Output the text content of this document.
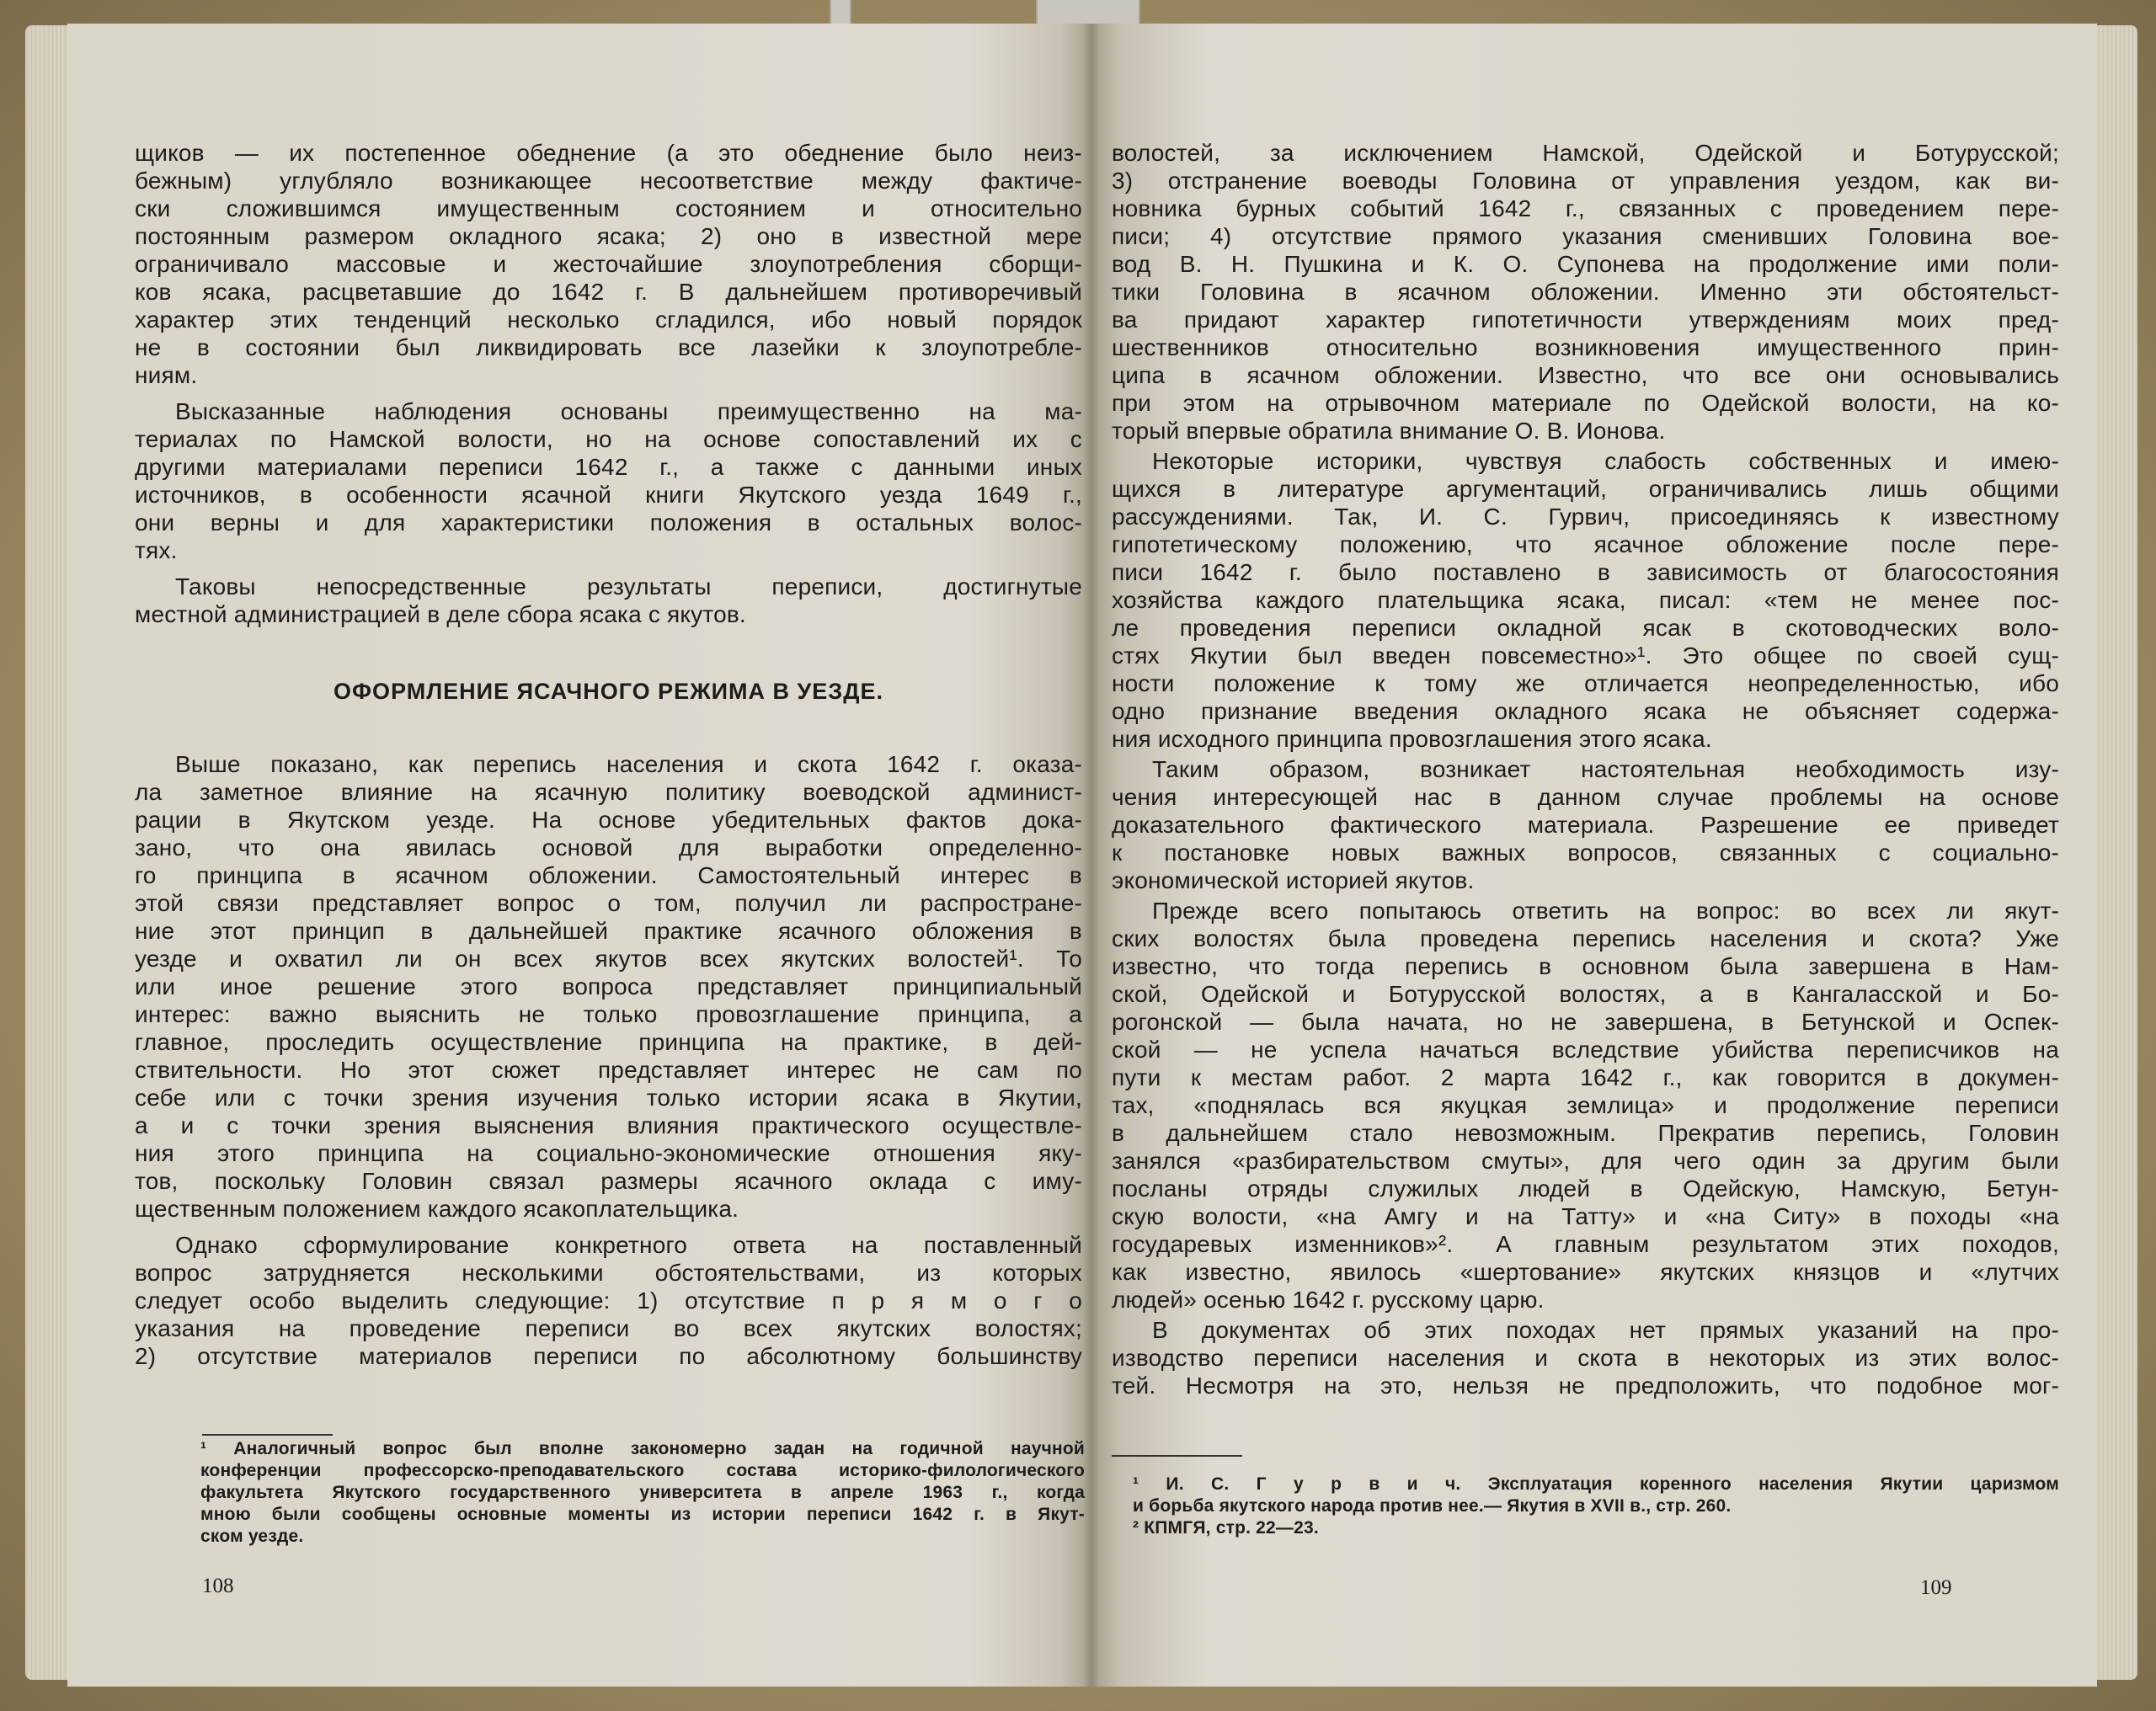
щиков — их постепенное обеднение (а это обеднение было неиз-
бежным) углубляло возникающее несоответствие между фактиче-
ски сложившимся имущественным состоянием и относительно
постоянным размером окладного ясака; 2) оно в известной мере
ограничивало массовые и жесточайшие злоупотребления сборщи-
ков ясака, расцветавшие до 1642 г. В дальнейшем противоречивый
характер этих тенденций несколько сгладился, ибо новый порядок
не в состоянии был ликвидировать все лазейки к злоупотребле-
ниям.
Высказанные наблюдения основаны преимущественно на ма-
териалах по Намской волости, но на основе сопоставлений их с
другими материалами переписи 1642 г., а также с данными иных
источников, в особенности ясачной книги Якутского уезда 1649 г.,
они верны и для характеристики положения в остальных волос-
тях.
Таковы непосредственные результаты переписи, достигнутые
местной администрацией в деле сбора ясака с якутов.
ОФОРМЛЕНИЕ ЯСАЧНОГО РЕЖИМА В УЕЗДЕ.
Выше показано, как перепись населения и скота 1642 г. оказа-
ла заметное влияние на ясачную политику воеводской админист-
рации в Якутском уезде. На основе убедительных фактов дока-
зано, что она явилась основой для выработки определенно-
го принципа в ясачном обложении. Самостоятельный интерес в
этой связи представляет вопрос о том, получил ли распростране-
ние этот принцип в дальнейшей практике ясачного обложения в
уезде и охватил ли он всех якутов всех якутских волостей¹. То
или иное решение этого вопроса представляет принципиальный
интерес: важно выяснить не только провозглашение принципа, а
главное, проследить осуществление принципа на практике, в дей-
ствительности. Но этот сюжет представляет интерес не сам по
себе или с точки зрения изучения только истории ясака в Якутии,
а и с точки зрения выяснения влияния практического осуществле-
ния этого принципа на социально-экономические отношения яку-
тов, поскольку Головин связал размеры ясачного оклада с иму-
щественным положением каждого ясакоплательщика.
Однако сформулирование конкретного ответа на поставленный
вопрос затрудняется несколькими обстоятельствами, из которых
следует особо выделить следующие: 1) отсутствие п р я м о г о
указания на проведение переписи во всех якутских волостях;
2) отсутствие материалов переписи по абсолютному большинству
¹ Аналогичный вопрос был вполне закономерно задан на годичной научной
конференции профессорско-преподавательского состава историко-филологического
факультета Якутского государственного университета в апреле 1963 г., когда
мною были сообщены основные моменты из истории переписи 1642 г. в Якут-
ском уезде.
108
волостей, за исключением Намской, Одейской и Ботурусской;
3) отстранение воеводы Головина от управления уездом, как ви-
новника бурных событий 1642 г., связанных с проведением пере-
писи; 4) отсутствие прямого указания сменивших Головина вое-
вод В. Н. Пушкина и К. О. Супонева на продолжение ими поли-
тики Головина в ясачном обложении. Именно эти обстоятельст-
ва придают характер гипотетичности утверждениям моих пред-
шественников относительно возникновения имущественного прин-
ципа в ясачном обложении. Известно, что все они основывались
при этом на отрывочном материале по Одейской волости, на ко-
торый впервые обратила внимание О. В. Ионова.
Некоторые историки, чувствуя слабость собственных и имею-
щихся в литературе аргументаций, ограничивались лишь общими
рассуждениями. Так, И. С. Гурвич, присоединяясь к известному
гипотетическому положению, что ясачное обложение после пере-
писи 1642 г. было поставлено в зависимость от благосостояния
хозяйства каждого плательщика ясака, писал: «тем не менее пос-
ле проведения переписи окладной ясак в скотоводческих воло-
стях Якутии был введен повсеместно»¹. Это общее по своей сущ-
ности положение к тому же отличается неопределенностью, ибо
одно признание введения окладного ясака не объясняет содержа-
ния исходного принципа провозглашения этого ясака.
Таким образом, возникает настоятельная необходимость изу-
чения интересующей нас в данном случае проблемы на основе
доказательного фактического материала. Разрешение ее приведет
к постановке новых важных вопросов, связанных с социально-
экономической историей якутов.
Прежде всего попытаюсь ответить на вопрос: во всех ли якут-
ских волостях была проведена перепись населения и скота? Уже
известно, что тогда перепись в основном была завершена в Нам-
ской, Одейской и Ботурусской волостях, а в Кангаласской и Бо-
рогонской — была начата, но не завершена, в Бетунской и Оспек-
ской — не успела начаться вследствие убийства переписчиков на
пути к местам работ. 2 марта 1642 г., как говорится в докумен-
тах, «поднялась вся якуцкая землица» и продолжение переписи
в дальнейшем стало невозможным. Прекратив перепись, Головин
занялся «разбирательством смуты», для чего один за другим были
посланы отряды служилых людей в Одейскую, Намскую, Бетун-
скую волости, «на Амгу и на Татту» и «на Ситу» в походы «на
государевых изменников»². А главным результатом этих походов,
как известно, явилось «шертование» якутских князцов и «лутчих
людей» осенью 1642 г. русскому царю.
В документах об этих походах нет прямых указаний на про-
изводство переписи населения и скота в некоторых из этих волос-
тей. Несмотря на это, нельзя не предположить, что подобное мог-
¹ И. С. Г у р в и ч. Эксплуатация коренного населения Якутии царизмом
и борьба якутского народа против нее.— Якутия в XVII в., стр. 260.
² КПМГЯ, стр. 22—23.
109
